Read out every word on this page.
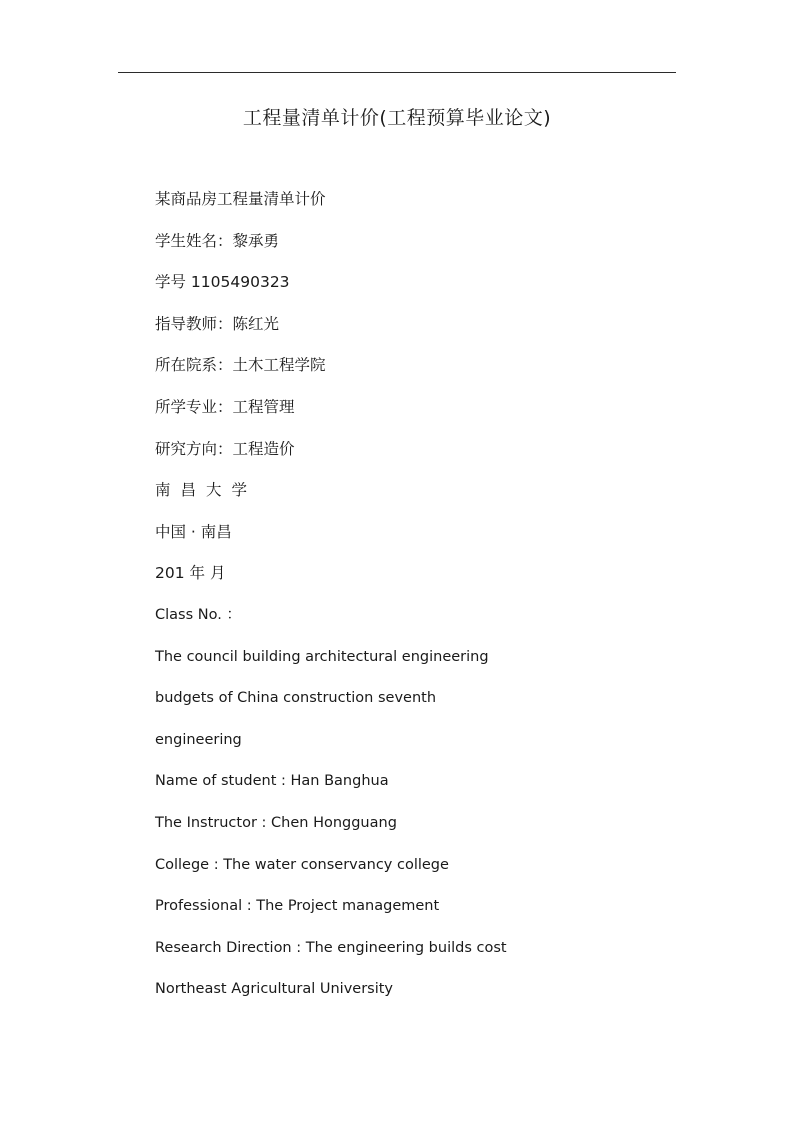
工程量清单计价(工程预算毕业论文)
某商品房工程量清单计价
学生姓名：黎承勇
学号 1105490323
指导教师：陈红光
所在院系：土木工程学院
所学专业：工程管理
研究方向：工程造价
南昌大学
中国 · 南昌
201 年 月
Class No. ：
The council building architectural engineering
budgets of China construction seventh
engineering
Name of student : Han Banghua
The Instructor : Chen Hongguang
College : The water conservancy college
Professional : The Project management
Research Direction : The engineering builds cost
Northeast Agricultural University
